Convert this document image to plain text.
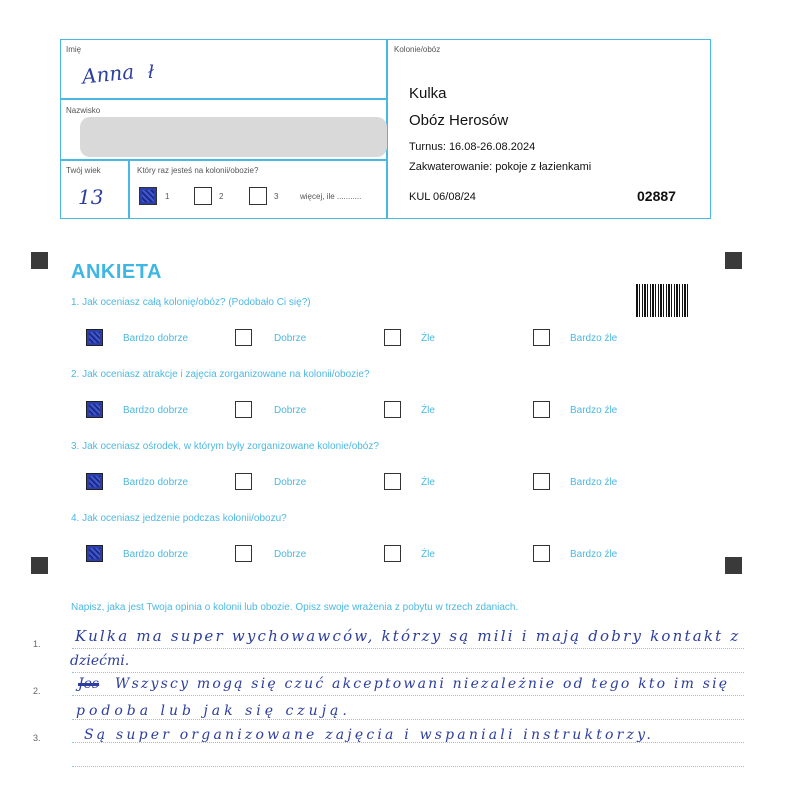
Imię
Anna ł
Nazwisko
Twój wiek
13
Który raz jesteś na kolonii/obozie?
1	2	3	więcej, ile ...........
Kolonie/obóz
Kulka
Obóz Herosów
Turnus: 16.08-26.08.2024
Zakwaterowanie: pokoje z łazienkami
KUL 06/08/24	02887
ANKIETA
1. Jak oceniasz całą kolonię/obóz? (Podobało Ci się?)
Bardzo dobrze	Dobrze	Źle	Bardzo źle
2. Jak oceniasz atrakcje i zajęcia zorganizowane na kolonii/obozie?
Bardzo dobrze	Dobrze	Źle	Bardzo źle
3. Jak oceniasz ośrodek, w którym były zorganizowane kolonie/obóz?
Bardzo dobrze	Dobrze	Źle	Bardzo źle
4. Jak oceniasz jedzenie podczas kolonii/obozu?
Bardzo dobrze	Dobrze	Źle	Bardzo źle
Napisz, jaka jest Twoja opinia o kolonii lub obozie. Opisz swoje wrażenia z pobytu w trzech zdaniach.
1.
2.
3.
Kulka ma super wychowawców, którzy są mili i mają dobry kontakt z
dziećmi.
Wszyscy mogą się czuć akceptowani niezależnie od tego kto im się
Jes
podoba lub jak się czują.
Są super organizowane zajęcia i wspaniali instruktorzy.
